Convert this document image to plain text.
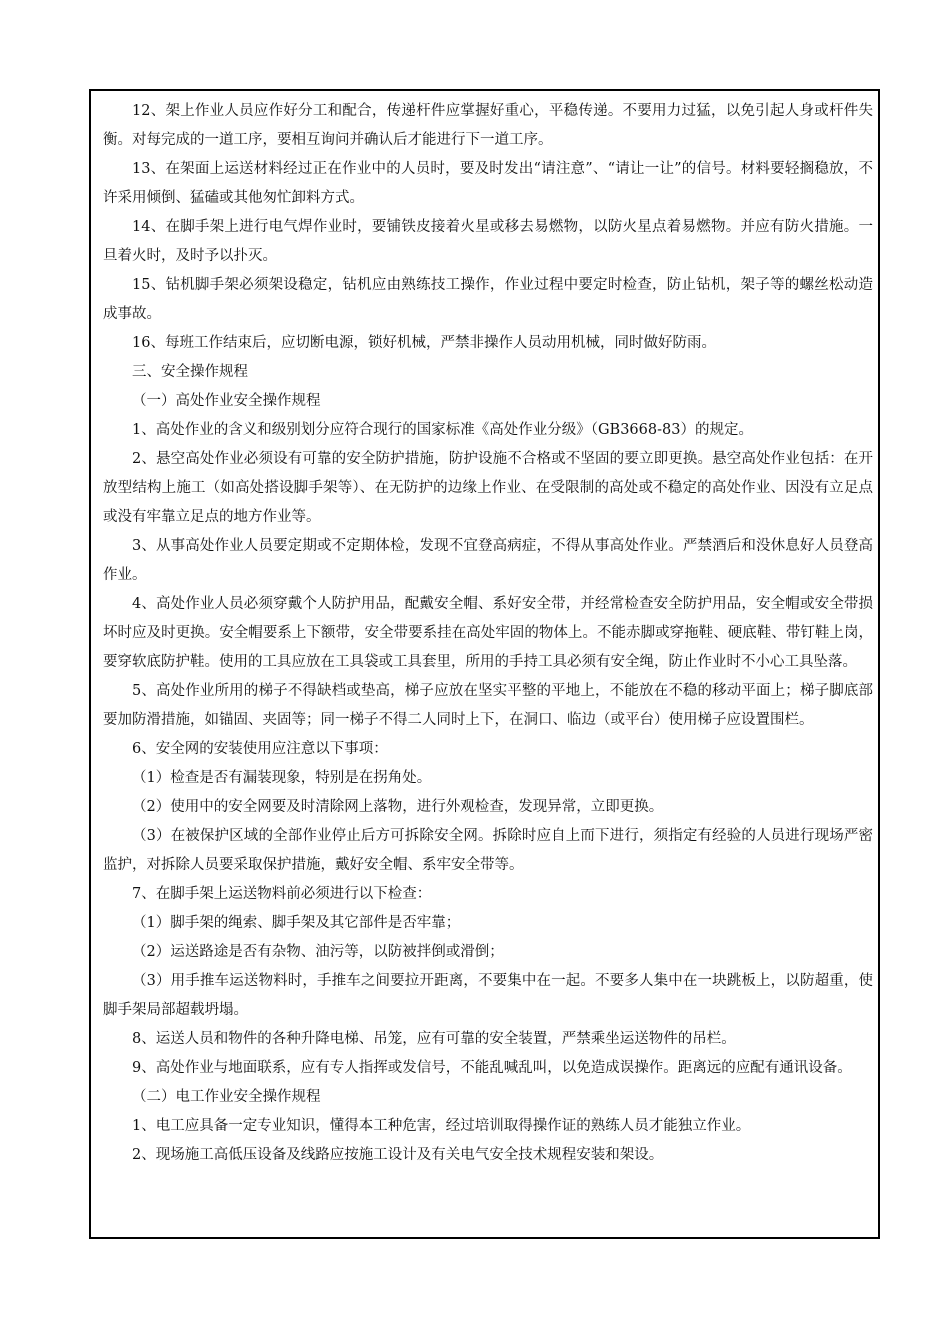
12、架上作业人员应作好分工和配合，传递杆件应掌握好重心，平稳传递。不要用力过猛，以免引起人身或杆件失衡。对每完成的一道工序，要相互询问并确认后才能进行下一道工序。

13、在架面上运送材料经过正在作业中的人员时，要及时发出“请注意”、“请让一让”的信号。材料要轻搁稳放，不许采用倾倒、猛磕或其他匆忙卸料方式。

14、在脚手架上进行电气焊作业时，要铺铁皮接着火星或移去易燃物，以防火星点着易燃物。并应有防火措施。一旦着火时，及时予以扑灭。

15、钻机脚手架必须架设稳定，钻机应由熟练技工操作，作业过程中要定时检查，防止钻机，架子等的螺丝松动造成事故。

16、每班工作结束后，应切断电源，锁好机械，严禁非操作人员动用机械，同时做好防雨。

三、安全操作规程

（一）高处作业安全操作规程

1、高处作业的含义和级别划分应符合现行的国家标准《高处作业分级》（GB3668-83）的规定。

2、悬空高处作业必须设有可靠的安全防护措施，防护设施不合格或不坚固的要立即更换。悬空高处作业包括：在开放型结构上施工（如高处搭设脚手架等）、在无防护的边缘上作业、在受限制的高处或不稳定的高处作业、因没有立足点或没有牢靠立足点的地方作业等。

3、从事高处作业人员要定期或不定期体检，发现不宜登高病症，不得从事高处作业。严禁酒后和没休息好人员登高作业。

4、高处作业人员必须穿戴个人防护用品，配戴安全帽、系好安全带，并经常检查安全防护用品，安全帽或安全带损坏时应及时更换。安全帽要系上下额带，安全带要系挂在高处牢固的物体上。不能赤脚或穿拖鞋、硬底鞋、带钉鞋上岗，要穿软底防护鞋。使用的工具应放在工具袋或工具套里，所用的手持工具必须有安全绳，防止作业时不小心工具坠落。

5、高处作业所用的梯子不得缺档或垫高，梯子应放在坚实平整的平地上，不能放在不稳的移动平面上；梯子脚底部要加防滑措施，如锚固、夹固等；同一梯子不得二人同时上下，在洞口、临边（或平台）使用梯子应设置围栏。

6、安全网的安装使用应注意以下事项：

（1）检查是否有漏装现象，特别是在拐角处。

（2）使用中的安全网要及时清除网上落物，进行外观检查，发现异常，立即更换。

（3）在被保护区域的全部作业停止后方可拆除安全网。拆除时应自上而下进行，须指定有经验的人员进行现场严密监护，对拆除人员要采取保护措施，戴好安全帽、系牢安全带等。

7、在脚手架上运送物料前必须进行以下检查：

（1）脚手架的绳索、脚手架及其它部件是否牢靠；

（2）运送路途是否有杂物、油污等，以防被拌倒或滑倒；

（3）用手推车运送物料时，手推车之间要拉开距离，不要集中在一起。不要多人集中在一块跳板上，以防超重，使脚手架局部超载坍塌。

8、运送人员和物件的各种升降电梯、吊笼，应有可靠的安全装置，严禁乘坐运送物件的吊栏。

9、高处作业与地面联系，应有专人指挥或发信号，不能乱喊乱叫，以免造成误操作。距离远的应配有通讯设备。

（二）电工作业安全操作规程

1、电工应具备一定专业知识，懂得本工种危害，经过培训取得操作证的熟练人员才能独立作业。

2、现场施工高低压设备及线路应按施工设计及有关电气安全技术规程安装和架设。
